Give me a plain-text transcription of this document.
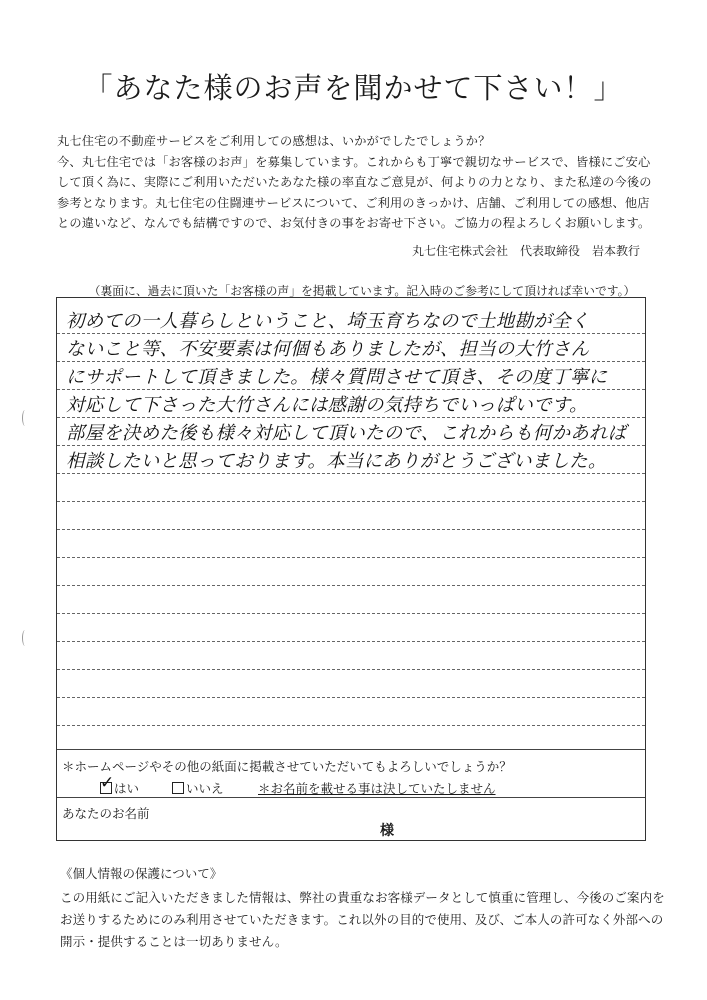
「あなた様のお声を聞かせて下さい！」

丸七住宅の不動産サービスをご利用しての感想は、いかがでしたでしょうか？

今、丸七住宅では「お客様のお声」を募集しています。これからも丁寧で親切なサービスで、皆様にご安心

して頂く為に、実際にご利用いただいたあなた様の率直なご意見が、何よりの力となり、また私達の今後の

参考となります。丸七住宅の住闘連サービスについて、ご利用のきっかけ、店舗、ご利用しての感想、他店

との違いなど、なんでも結構ですので、お気付きの事をお寄せ下さい。ご協力の程よろしくお願いします。

丸七住宅株式会社　代表取締役　岩本教行
（裏面に、過去に頂いた「お客様の声」を掲載しています。記入時のご参考にして頂ければ幸いです。）
初めての一人暮らしということ、埼玉育ちなので土地勘が全く
ないこと等、不安要素は何個もありましたが、担当の大竹さん
にサポートして頂きました。様々質問させて頂き、その度丁寧に
対応して下さった大竹さんには感謝の気持ちでいっぱいです。
部屋を決めた後も様々対応して頂いたので、これからも何かあれば
相談したいと思っております。本当にありがとうございました。
＊ホームページやその他の紙面に掲載させていただいてもよろしいでしょうか？
✓ はい	いいえ	＊お名前を載せる事は決していたしません
あなたのお名前
様
《個人情報の保護について》

この用紙にご記入いただきました情報は、弊社の貴重なお客様データとして慎重に管理し、今後のご案内を

お送りするためにのみ利用させていただきます。これ以外の目的で使用、及び、ご本人の許可なく外部への

開示・提供することは一切ありません。
